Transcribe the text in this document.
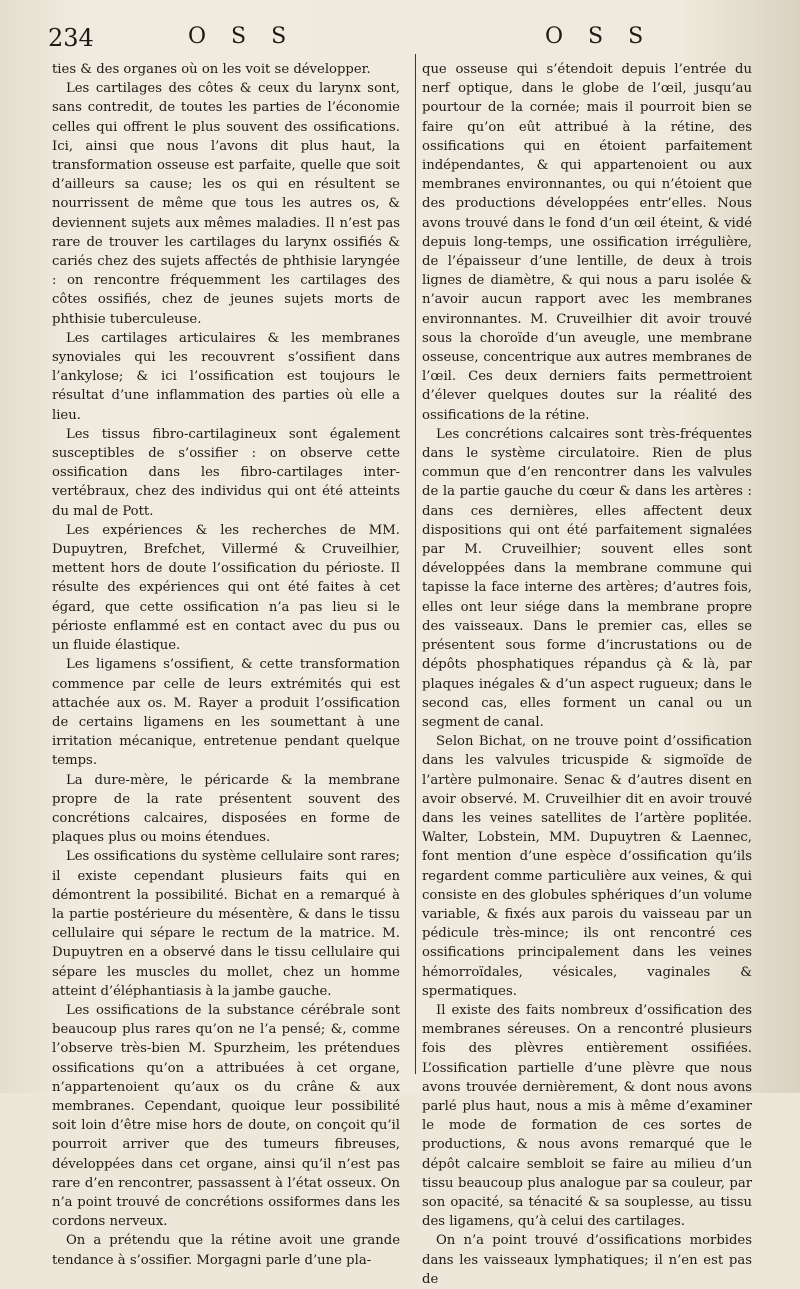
234	O S S	O S S

ties & des organes où on les voit se développer.

Les cartilages des côtes & ceux du larynx sont, sans contredit, de toutes les parties de l’économie celles qui offrent le plus souvent des ossifications. Ici, ainsi que nous l’avons dit plus haut, la transformation osseuse est parfaite, quelle que soit d’ailleurs sa cause; les os qui en résultent se nourrissent de même que tous les autres os, & deviennent sujets aux mêmes maladies. Il n’est pas rare de trouver les cartilages du larynx ossifiés & cariés chez des sujets affectés de phthisie laryngée : on rencontre fréquemment les cartilages des côtes ossifiés, chez de jeunes sujets morts de phthisie tuberculeuse.

Les cartilages articulaires & les membranes synoviales qui les recouvrent s’ossifient dans l’ankylose; & ici l’ossification est toujours le résultat d’une inflammation des parties où elle a lieu.

Les tissus fibro-cartilagineux sont également susceptibles de s’ossifier : on observe cette ossification dans les fibro-cartilages inter-vertébraux, chez des individus qui ont été atteints du mal de Pott.

Les expériences & les recherches de MM. Dupuytren, Brefchet, Villermé & Cruveilhier, mettent hors de doute l’ossification du périoste. Il résulte des expériences qui ont été faites à cet égard, que cette ossification n’a pas lieu si le périoste enflammé est en contact avec du pus ou un fluide élastique.

Les ligamens s’ossifient, & cette transformation commence par celle de leurs extrémités qui est attachée aux os. M. Rayer a produit l’ossification de certains ligamens en les soumettant à une irritation mécanique, entretenue pendant quelque temps.

La dure-mère, le péricarde & la membrane propre de la rate présentent souvent des concrétions calcaires, disposées en forme de plaques plus ou moins étendues.

Les ossifications du système cellulaire sont rares; il existe cependant plusieurs faits qui en démontrent la possibilité. Bichat en a remarqué à la partie postérieure du mésentère, & dans le tissu cellulaire qui sépare le rectum de la matrice. M. Dupuytren en a observé dans le tissu cellulaire qui sépare les muscles du mollet, chez un homme atteint d’éléphantiasis à la jambe gauche.

Les ossifications de la substance cérébrale sont beaucoup plus rares qu’on ne l’a pensé; &, comme l’observe très-bien M. Spurzheim, les prétendues ossifications qu’on a attribuées à cet organe, n’appartenoient qu’aux os du crâne & aux membranes. Cependant, quoique leur possibilité soit loin d’être mise hors de doute, on conçoit qu’il pourroit arriver que des tumeurs fibreuses, développées dans cet organe, ainsi qu’il n’est pas rare d’en rencontrer, passassent à l’état osseux. On n’a point trouvé de concrétions ossiformes dans les cordons nerveux.

On a prétendu que la rétine avoit une grande tendance à s’ossifier. Morgagni parle d’une pla-

que osseuse qui s’étendoit depuis l’entrée du nerf optique, dans le globe de l’œil, jusqu’au pourtour de la cornée; mais il pourroit bien se faire qu’on eût attribué à la rétine, des ossifications qui en étoient parfaitement indépendantes, & qui appartenoient ou aux membranes environnantes, ou qui n’étoient que des productions développées entr’elles. Nous avons trouvé dans le fond d’un œil éteint, & vidé depuis long-temps, une ossification irrégulière, de l’épaisseur d’une lentille, de deux à trois lignes de diamètre, & qui nous a paru isolée & n’avoir aucun rapport avec les membranes environnantes. M. Cruveilhier dit avoir trouvé sous la choroïde d’un aveugle, une membrane osseuse, concentrique aux autres membranes de l’œil. Ces deux derniers faits permettroient d’élever quelques doutes sur la réalité des ossifications de la rétine.

Les concrétions calcaires sont très-fréquentes dans le système circulatoire. Rien de plus commun que d’en rencontrer dans les valvules de la partie gauche du cœur & dans les artères : dans ces dernières, elles affectent deux dispositions qui ont été parfaitement signalées par M. Cruveilhier; souvent elles sont développées dans la membrane commune qui tapisse la face interne des artères; d’autres fois, elles ont leur siége dans la membrane propre des vaisseaux. Dans le premier cas, elles se présentent sous forme d’incrustations ou de dépôts phosphatiques répandus çà & là, par plaques inégales & d’un aspect rugueux; dans le second cas, elles forment un canal ou un segment de canal.

Selon Bichat, on ne trouve point d’ossification dans les valvules tricuspide & sigmoïde de l’artère pulmonaire. Senac & d’autres disent en avoir observé. M. Cruveilhier dit en avoir trouvé dans les veines satellites de l’artère poplitée. Walter, Lobstein, MM. Dupuytren & Laennec, font mention d’une espèce d’ossification qu’ils regardent comme particulière aux veines, & qui consiste en des globules sphériques d’un volume variable, & fixés aux parois du vaisseau par un pédicule très-mince; ils ont rencontré ces ossifications principalement dans les veines hémorroïdales, vésicales, vaginales & spermatiques.

Il existe des faits nombreux d’ossification des membranes séreuses. On a rencontré plusieurs fois des plèvres entièrement ossifiées. L’ossification partielle d’une plèvre que nous avons trouvée dernièrement, & dont nous avons parlé plus haut, nous a mis à même d’examiner le mode de formation de ces sortes de productions, & nous avons remarqué que le dépôt calcaire sembloit se faire au milieu d’un tissu beaucoup plus analogue par sa couleur, par son opacité, sa ténacité & sa souplesse, au tissu des ligamens, qu’à celui des cartilages.

On n’a point trouvé d’ossifications morbides dans les vaisseaux lymphatiques; il n’en est pas de
